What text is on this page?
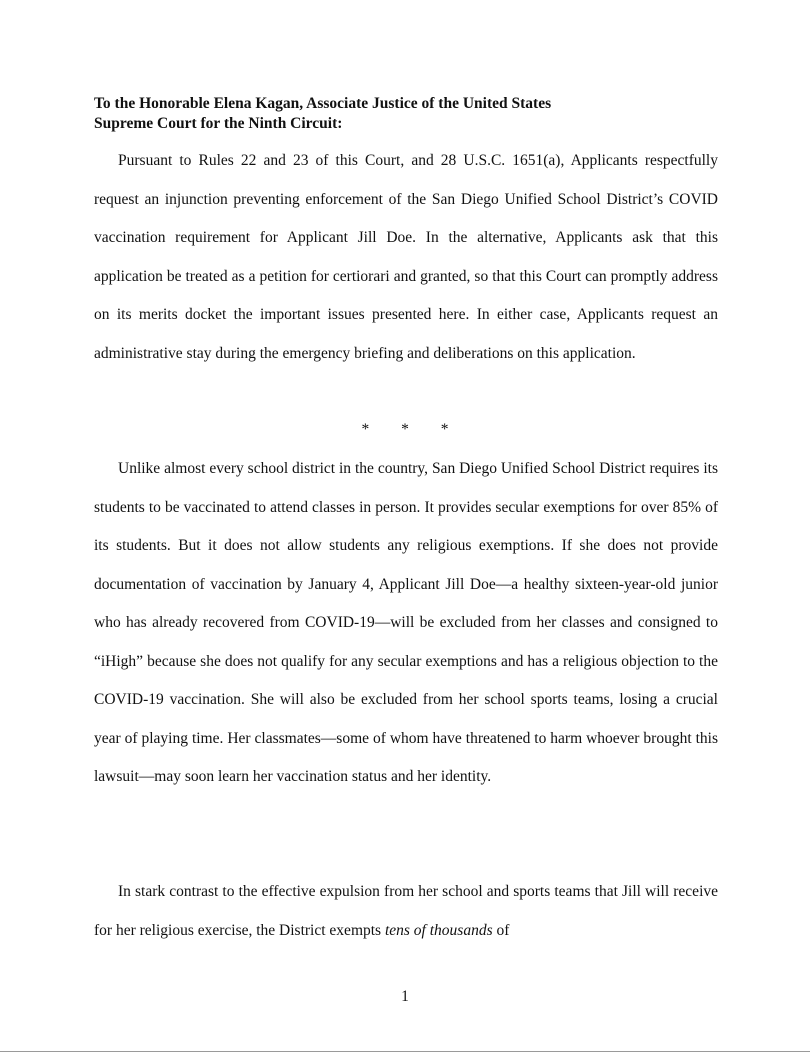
To the Honorable Elena Kagan, Associate Justice of the United States
Supreme Court for the Ninth Circuit:

Pursuant to Rules 22 and 23 of this Court, and 28 U.S.C. 1651(a), Applicants respectfully request an injunction preventing enforcement of the San Diego Unified School District’s COVID vaccination requirement for Applicant Jill Doe. In the alternative, Applicants ask that this application be treated as a petition for certiorari and granted, so that this Court can promptly address on its merits docket the important issues presented here. In either case, Applicants request an administrative stay during the emergency briefing and deliberations on this application.

* * *

Unlike almost every school district in the country, San Diego Unified School District requires its students to be vaccinated to attend classes in person. It provides secular exemptions for over 85% of its students. But it does not allow students any religious exemptions. If she does not provide documentation of vaccination by January 4, Applicant Jill Doe—a healthy sixteen-year-old junior who has already recovered from COVID-19—will be excluded from her classes and consigned to “iHigh” because she does not qualify for any secular exemptions and has a religious objection to the COVID-19 vaccination. She will also be excluded from her school sports teams, losing a crucial year of playing time. Her classmates—some of whom have threatened to harm whoever brought this lawsuit—may soon learn her vaccination status and her identity.

In stark contrast to the effective expulsion from her school and sports teams that Jill will receive for her religious exercise, the District exempts tens of thousands of

1
